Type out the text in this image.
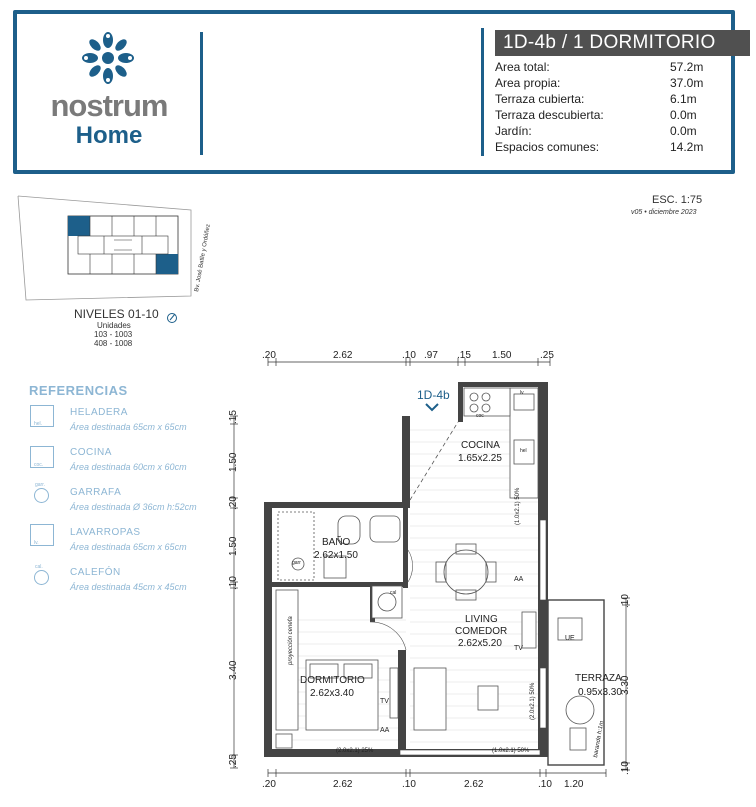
nostrum
Home
1D-4b / 1 DORMITORIO
Area total:	57.2m
Area propia:	37.0m
Terraza cubierta:	6.1m
Terraza descubierta:	0.0m
Jardín:	0.0m
Espacios comunes:	14.2m
ESC. 1:75
v05 • diciembre 2023
Bv. José Batlle y Ordóñez
NIVELES 01-10
Unidades
103 - 1003
408 - 1008
REFERENCIAS
hel.
HELADERA
Área destinada 65cm x 65cm
coc.
COCINA
Área destinada 60cm x 60cm
garr.
GARRAFA
Área destinada Ø 36cm h:52cm
lv.
LAVARROPAS
Área destinada 65cm x 65cm
cal.	CALEFÓN
Área destinada 45cm x 45cm
1D-4b
COCINA
1.65x2.25
BAÑO
2.62x1.50
LIVING
COMEDOR
2.62x5.20
DORMITORIO
2.62x3.40
TERRAZA
0.95x3.30
(1.0x2.1) 50%
(2.0x2.1) 50%
(2.0x2.1) 25%	(1.0x2.1) 50%
proyección cenefa
baranda h:1m
AA
TV
TV
AA
UE
coc
lv
hel
cal
garr
.20	2.62	.10 .97 .15 1.50	.25
.20	2.62	.10	2.62	.10 1.20
.15
1.50
.20
1.50
.10
3.40
.25
.10
3.30
.10
